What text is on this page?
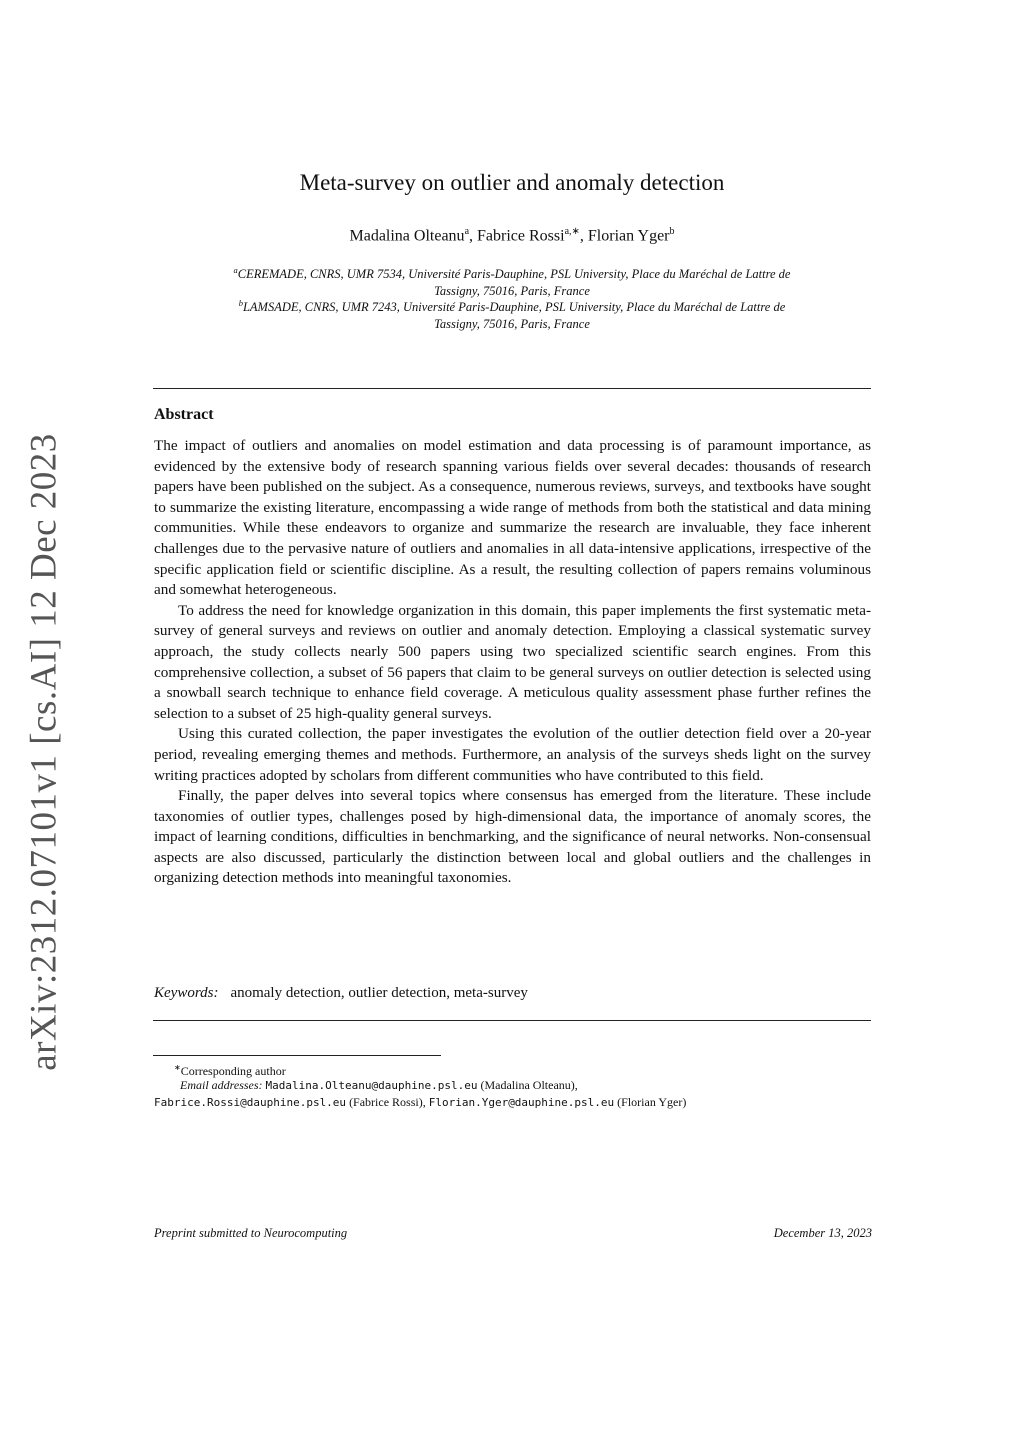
arXiv:2312.07101v1 [cs.AI] 12 Dec 2023
Meta-survey on outlier and anomaly detection
Madalina Olteanu$^a$, Fabrice Rossi$^{a,∗}$, Florian Yger$^b$
$^a$CEREMADE, CNRS, UMR 7534, Université Paris-Dauphine, PSL University, Place du Maréchal de Lattre de
Tassigny, 75016, Paris, France
$^b$LAMSADE, CNRS, UMR 7243, Université Paris-Dauphine, PSL University, Place du Maréchal de Lattre de
Tassigny, 75016, Paris, France
Abstract

The impact of outliers and anomalies on model estimation and data processing is of paramount importance, as evidenced by the extensive body of research spanning various fields over several decades: thousands of research papers have been published on the subject. As a consequence, numerous reviews, surveys, and textbooks have sought to summarize the existing literature, encompassing a wide range of methods from both the statistical and data mining communities. While these endeavors to organize and summarize the research are invaluable, they face inherent challenges due to the pervasive nature of outliers and anomalies in all data-intensive applications, irrespective of the specific application field or scientific discipline. As a result, the resulting collection of papers remains voluminous and somewhat heterogeneous.

To address the need for knowledge organization in this domain, this paper implements the first systematic meta-survey of general surveys and reviews on outlier and anomaly detection. Employing a classical systematic survey approach, the study collects nearly 500 papers using two specialized scientific search engines. From this comprehensive collection, a subset of 56 papers that claim to be general surveys on outlier detection is selected using a snowball search technique to enhance field coverage. A meticulous quality assessment phase further refines the selection to a subset of 25 high-quality general surveys.

Using this curated collection, the paper investigates the evolution of the outlier detection field over a 20-year period, revealing emerging themes and methods. Furthermore, an analysis of the surveys sheds light on the survey writing practices adopted by scholars from different communities who have contributed to this field.

Finally, the paper delves into several topics where consensus has emerged from the literature. These include taxonomies of outlier types, challenges posed by high-dimensional data, the importance of anomaly scores, the impact of learning conditions, difficulties in benchmarking, and the significance of neural networks. Non-consensual aspects are also discussed, particularly the distinction between local and global outliers and the challenges in organizing detection methods into meaningful taxonomies.

Keywords: anomaly detection, outlier detection, meta-survey
∗Corresponding author
Email addresses: Madalina.Olteanu@dauphine.psl.eu (Madalina Olteanu),
Fabrice.Rossi@dauphine.psl.eu (Fabrice Rossi), Florian.Yger@dauphine.psl.eu (Florian Yger)
Preprint submitted to Neurocomputing	December 13, 2023
